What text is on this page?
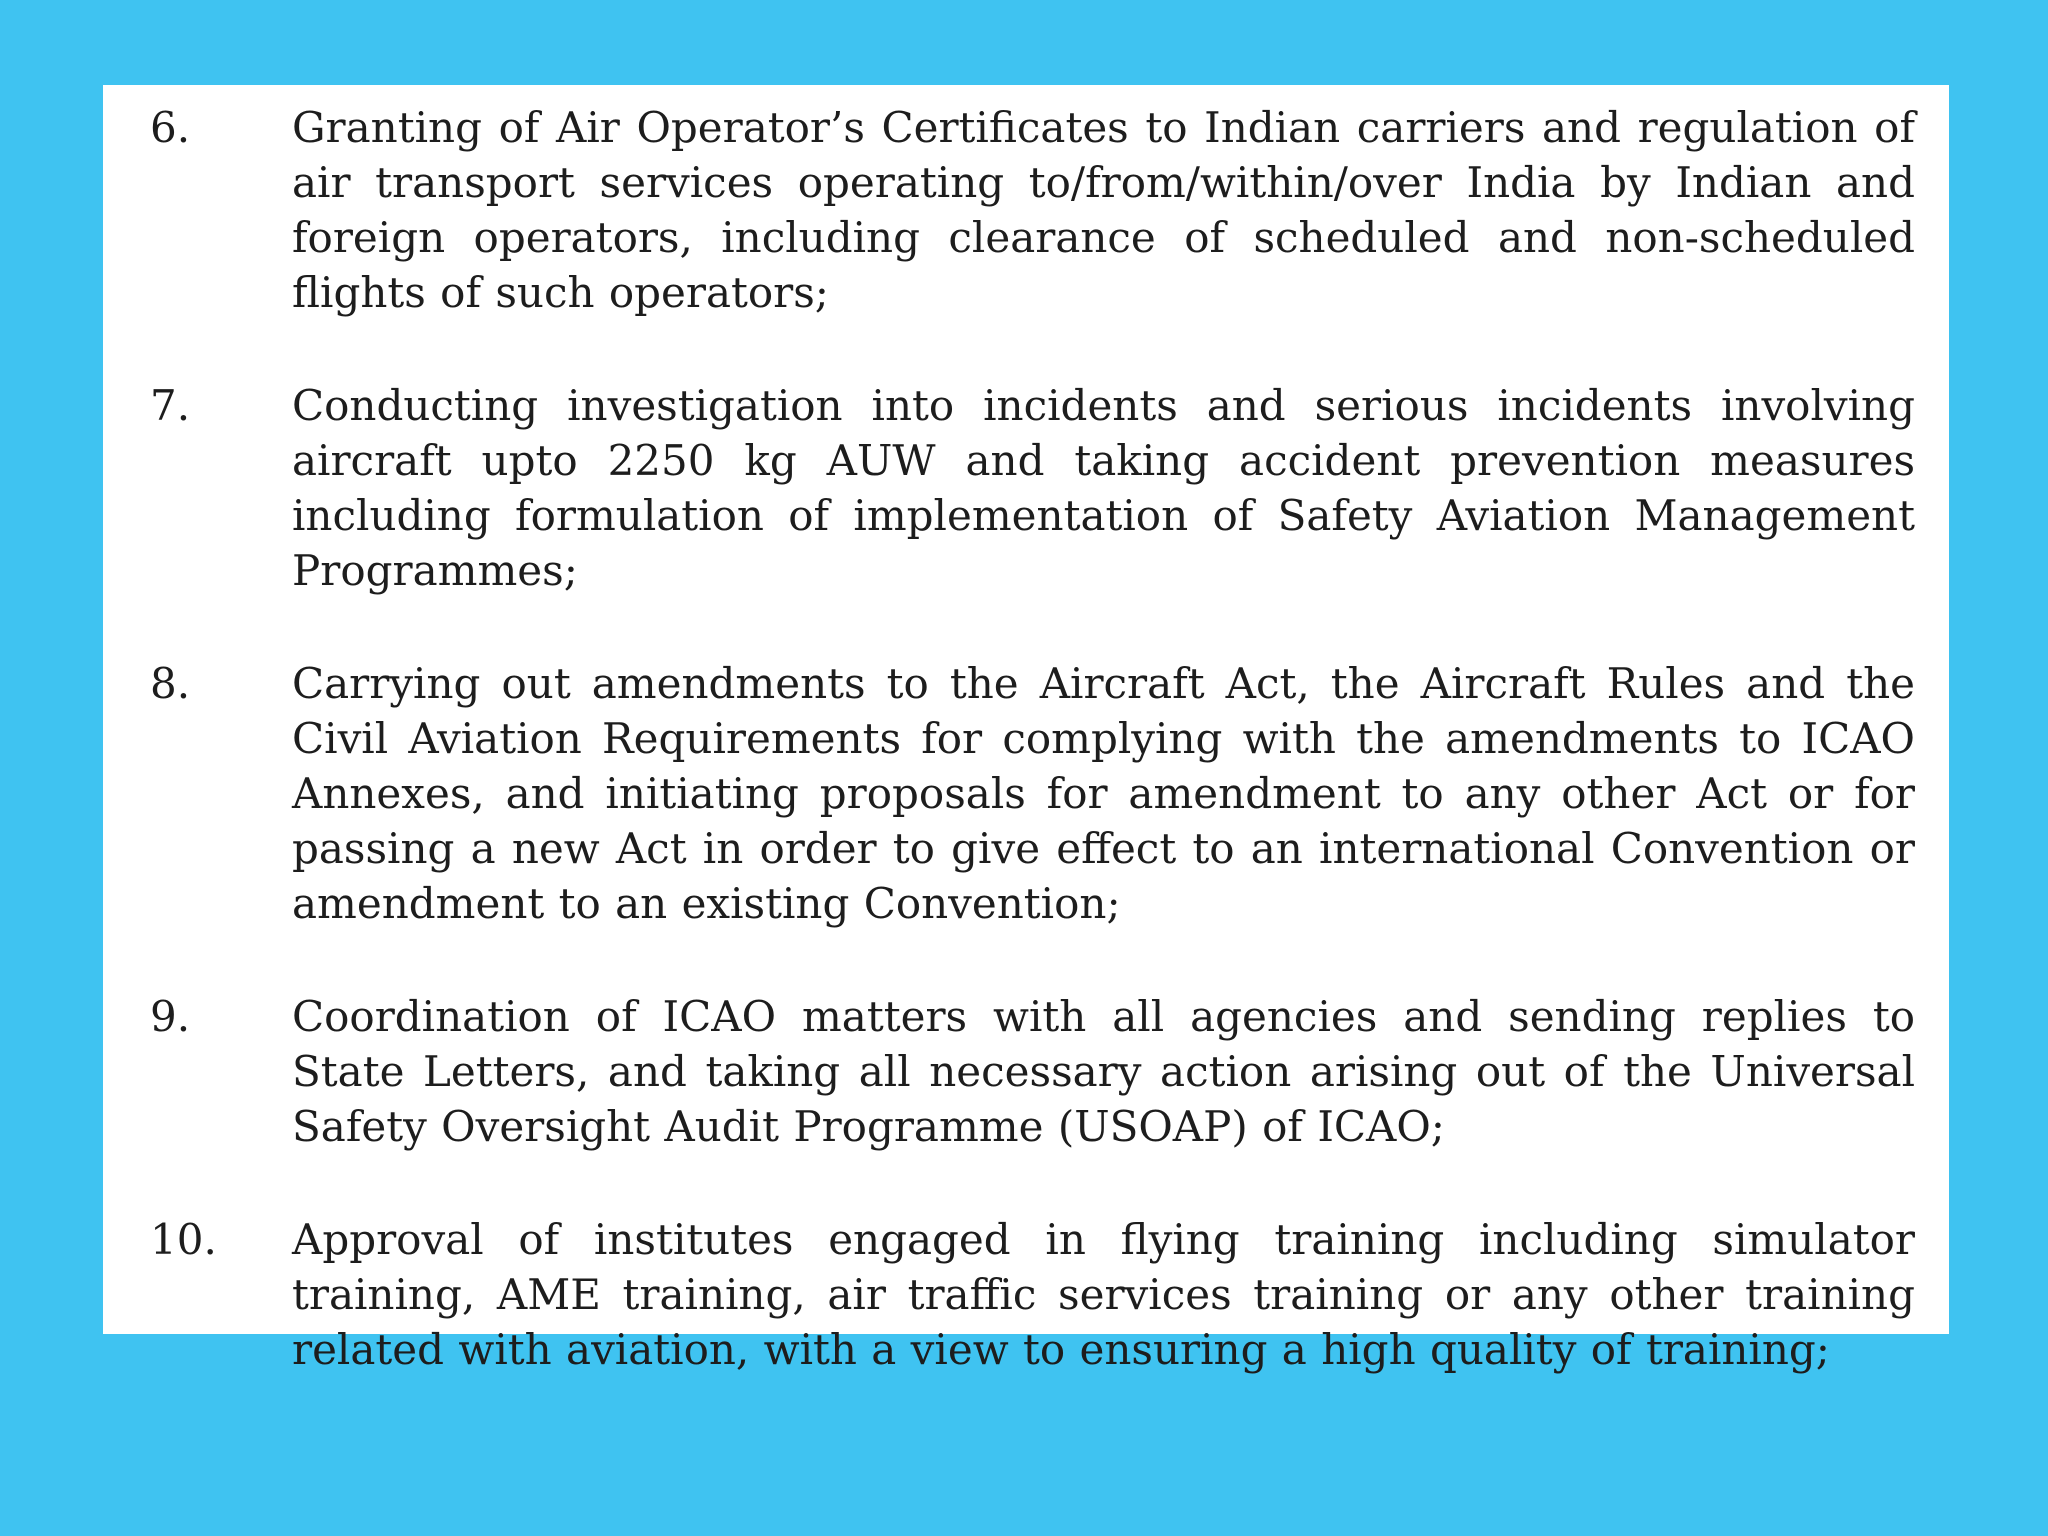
6.	Granting of Air Operator’s Certificates to Indian carriers and regulation of air transport services operating to/from/within/over India by Indian and foreign operators, including clearance of scheduled and non-scheduled flights of such operators;
7.	Conducting investigation into incidents and serious incidents involving aircraft upto 2250 kg AUW and taking accident prevention measures including formulation of implementation of Safety Aviation Management Programmes;
8.	Carrying out amendments to the Aircraft Act, the Aircraft Rules and the Civil Aviation Requirements for complying with the amendments to ICAO Annexes, and initiating proposals for amendment to any other Act or for passing a new Act in order to give effect to an international Convention or amendment to an existing Convention;
9.	Coordination of ICAO matters with all agencies and sending replies to State Letters, and taking all necessary action arising out of the Universal Safety Oversight Audit Programme (USOAP) of ICAO;
10.	Approval of institutes engaged in flying training including simulator training, AME training, air traffic services training or any other training related with aviation, with a view to ensuring a high quality of training;
